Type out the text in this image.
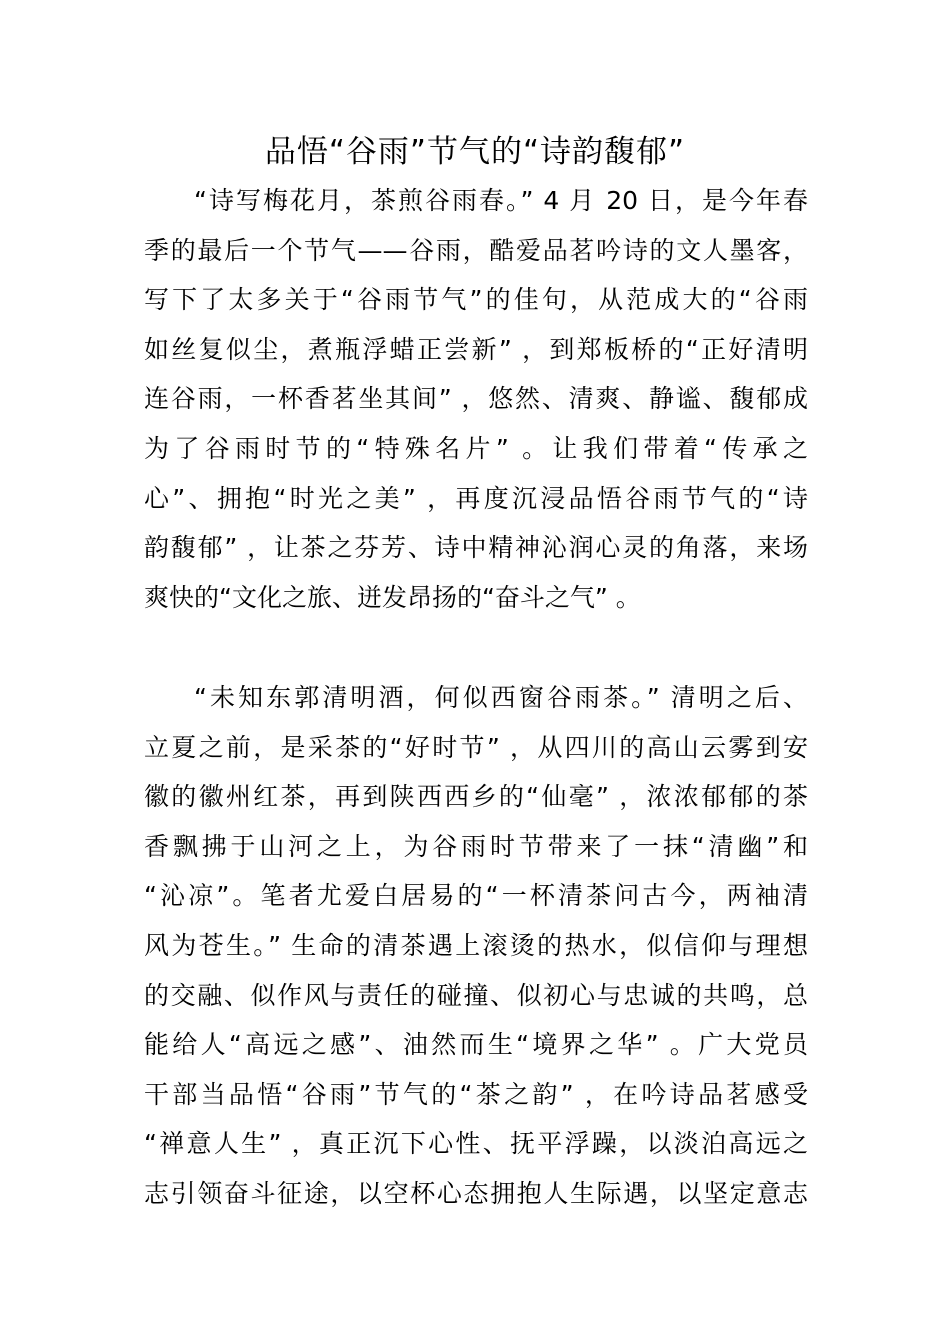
品悟“谷雨”节气的“诗韵馥郁”
“诗写梅花月，茶煎谷雨春。” 4 月 20 日，是今年春
季的最后一个节气——谷雨，酷爱品茗吟诗的文人墨客，
写下了太多关于“谷雨节气”的佳句，从范成大的“谷雨
如丝复似尘，煮瓶浮蜡正尝新” ，到郑板桥的“正好清明
连谷雨，一杯香茗坐其间” ，悠然、清爽、静谧、馥郁成
为了谷雨时节的“特殊名片” 。让我们带着“传承之
心”、拥抱“时光之美” ，再度沉浸品悟谷雨节气的“诗
韵馥郁” ，让茶之芬芳、诗中精神沁润心灵的角落，来场
爽快的“文化之旅、迸发昂扬的“奋斗之气” 。
“未知东郭清明酒，何似西窗谷雨茶。” 清明之后、
立夏之前，是采茶的“好时节” ，从四川的高山云雾到安
徽的徽州红茶，再到陕西西乡的“仙毫” ，浓浓郁郁的茶
香飘拂于山河之上，为谷雨时节带来了一抹“清幽”和
“沁凉”。笔者尤爱白居易的“一杯清茶问古今，两袖清
风为苍生。” 生命的清茶遇上滚烫的热水，似信仰与理想
的交融、似作风与责任的碰撞、似初心与忠诚的共鸣，总
能给人“高远之感”、油然而生“境界之华” 。广大党员
干部当品悟“谷雨”节气的“茶之韵” ，在吟诗品茗感受
“禅意人生” ，真正沉下心性、抚平浮躁，以淡泊高远之
志引领奋斗征途，以空杯心态拥抱人生际遇，以坚定意志
